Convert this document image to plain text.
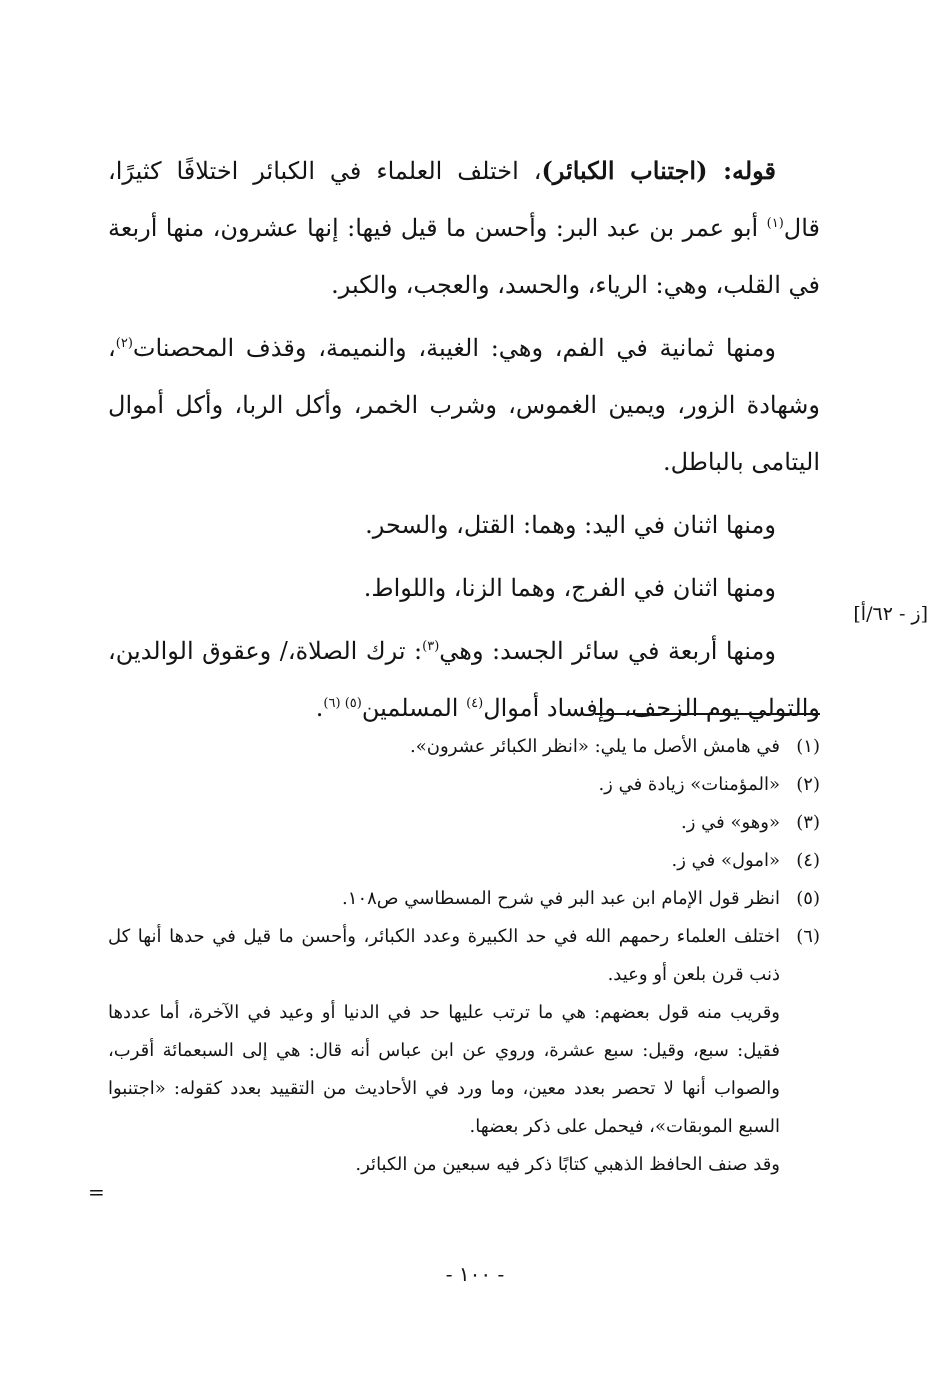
قوله: (اجتناب الكبائر)، اختلف العلماء في الكبائر اختلافًا كثيرًا، قال$^{(١)}$ أبو عمر بن عبد البر: وأحسن ما قيل فيها: إنها عشرون، منها أربعة في القلب، وهي: الرياء، والحسد، والعجب، والكبر.

ومنها ثمانية في الفم، وهي: الغيبة، والنميمة، وقذف المحصنات$^{(٢)}$، وشهادة الزور، ويمين الغموس، وشرب الخمر، وأكل الربا، وأكل أموال اليتامى بالباطل.

ومنها اثنان في اليد: وهما: القتل، والسحر.

ومنها اثنان في الفرج، وهما الزنا، واللواط.

ومنها أربعة في سائر الجسد: وهي$^{(٣)}$: ترك الصلاة،/ وعقوق الوالدين، والتولي يوم الزحف، وإفساد أموال$^{(٤)}$ المسلمين$^{(٥) (٦)}$.

[ز - ٦٢/أ]
(١)
في هامش الأصل ما يلي: «انظر الكبائر عشرون».
(٢)
«المؤمنات» زيادة في ز.
(٣)
«وهو» في ز.
(٤)
«امول» في ز.
(٥)
انظر قول الإمام ابن عبد البر في شرح المسطاسي ص١٠٨.
(٦)
اختلف العلماء رحمهم الله في حد الكبيرة وعدد الكبائر، وأحسن ما قيل في حدها أنها كل ذنب قرن بلعن أو وعيد.
وقريب منه قول بعضهم: هي ما ترتب عليها حد في الدنيا أو وعيد في الآخرة، أما عددها فقيل: سبع، وقيل: سبع عشرة، وروي عن ابن عباس أنه قال: هي إلى السبعمائة أقرب، والصواب أنها لا تحصر بعدد معين، وما ورد في الأحاديث من التقييد بعدد كقوله: «اجتنبوا السبع الموبقات»، فيحمل على ذكر بعضها.
وقد صنف الحافظ الذهبي كتابًا ذكر فيه سبعين من الكبائر.
=
- ١٠٠ -
